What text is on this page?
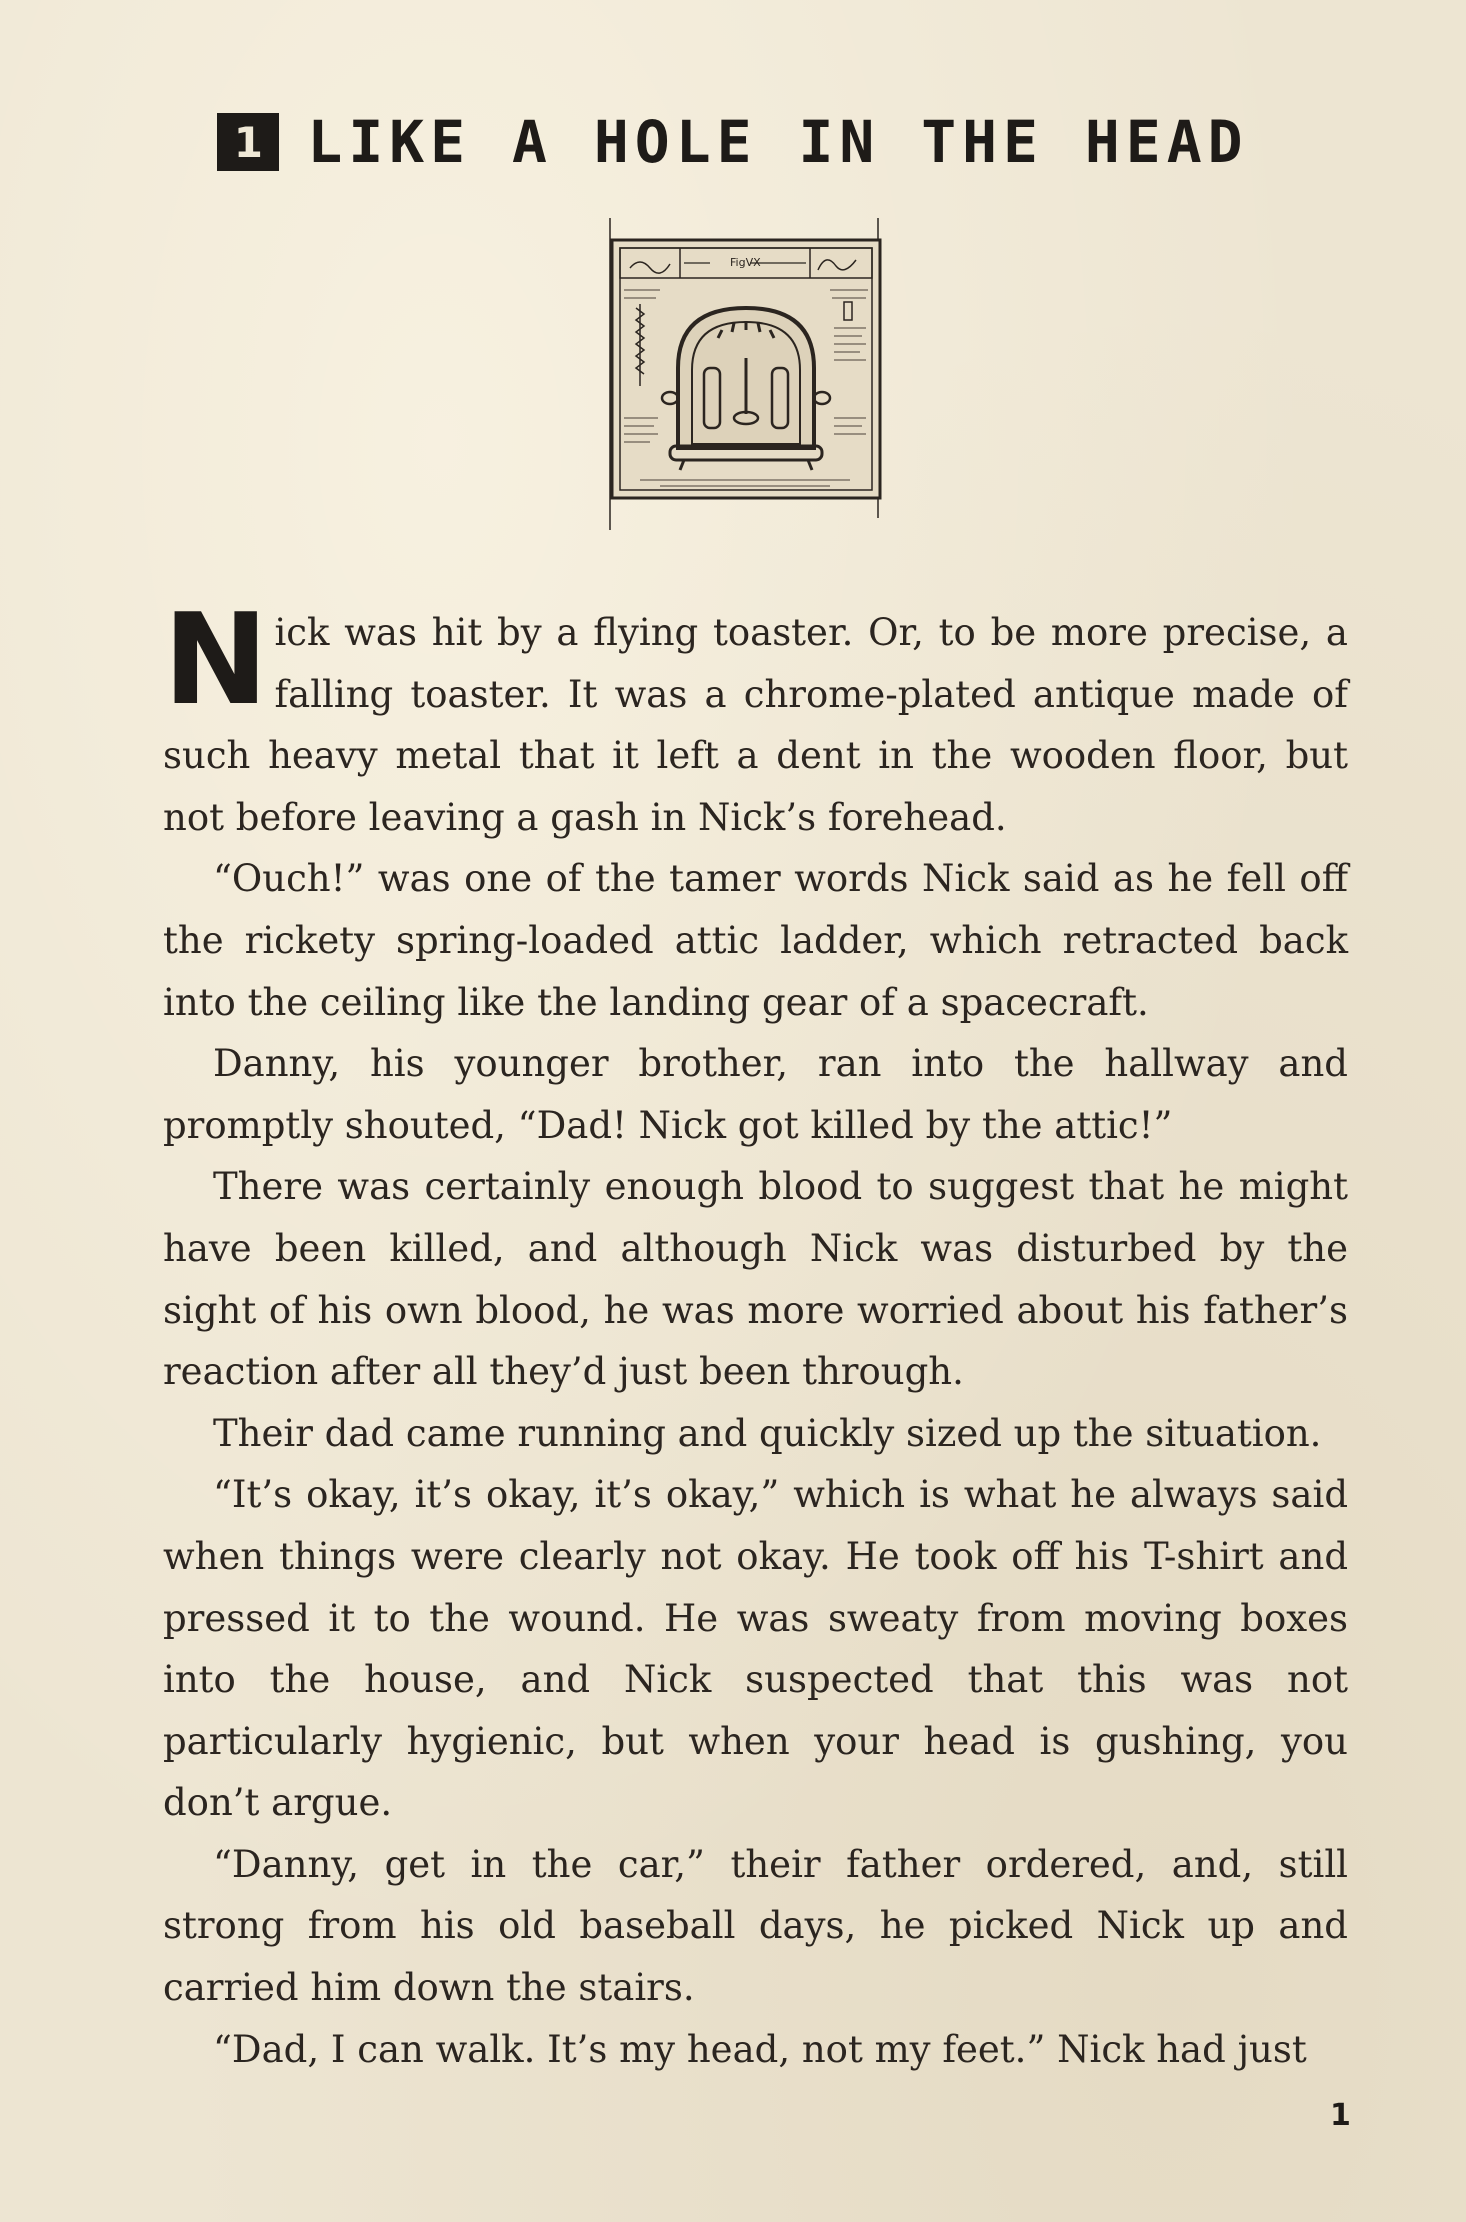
1 LIKE A HOLE IN THE HEAD
FigVX

Nick was hit by a flying toaster. Or, to be more precise, a falling toaster. It was a chrome-plated antique made of such heavy metal that it left a dent in the wooden floor, but not before leaving a gash in Nick’s forehead.

“Ouch!” was one of the tamer words Nick said as he fell off the rickety spring-loaded attic ladder, which retracted back into the ceiling like the landing gear of a spacecraft.

Danny, his younger brother, ran into the hallway and promptly shouted, “Dad! Nick got killed by the attic!”

There was certainly enough blood to suggest that he might have been killed, and although Nick was disturbed by the sight of his own blood, he was more worried about his father’s reaction after all they’d just been through.

Their dad came running and quickly sized up the situation.

“It’s okay, it’s okay, it’s okay,” which is what he always said when things were clearly not okay. He took off his T-shirt and pressed it to the wound. He was sweaty from moving boxes into the house, and Nick suspected that this was not particularly hygienic, but when your head is gushing, you don’t argue.

“Danny, get in the car,” their father ordered, and, still strong from his old baseball days, he picked Nick up and carried him down the stairs.

“Dad, I can walk. It’s my head, not my feet.” Nick had just

1
